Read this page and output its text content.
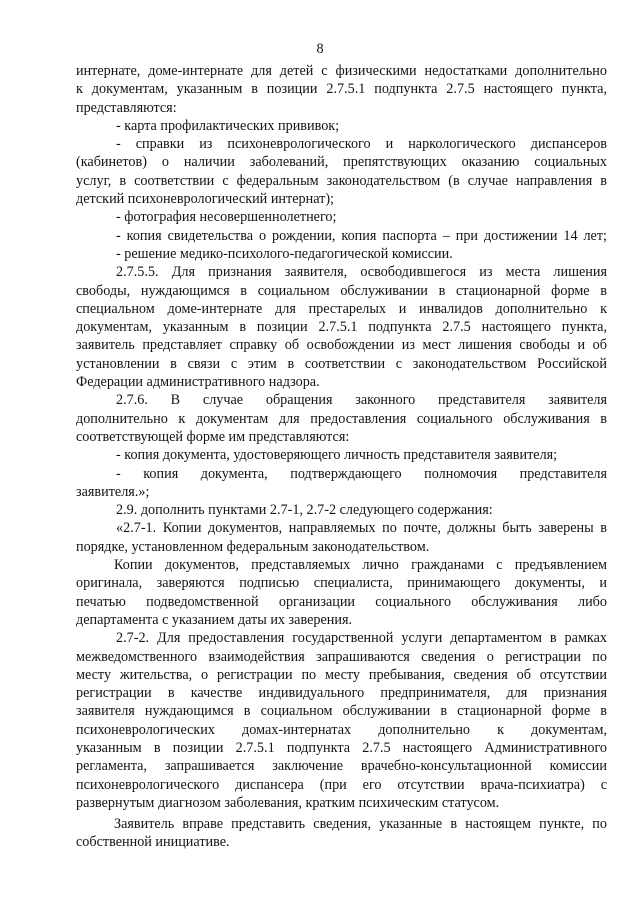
8
интернате, доме-интернате для детей с физическими недостатками дополнительно
к документам, указанным в позиции 2.7.5.1 подпункта 2.7.5 настоящего пункта,
представляются:
- карта профилактических прививок;
- справки из психоневрологического и наркологического диспансеров
(кабинетов) о наличии заболеваний, препятствующих оказанию социальных
услуг, в соответствии с федеральным законодательством (в случае направления в
детский психоневрологический интернат);
- фотография несовершеннолетнего;
- копия свидетельства о рождении, копия паспорта – при достижении 14 лет;
- решение медико-психолого-педагогической комиссии.
2.7.5.5. Для признания заявителя, освободившегося из места лишения
свободы, нуждающимся в социальном обслуживании в стационарной форме в
специальном доме-интернате для престарелых и инвалидов дополнительно к
документам, указанным в позиции 2.7.5.1 подпункта 2.7.5 настоящего пункта,
заявитель представляет справку об освобождении из мест лишения свободы и об
установлении в связи с этим в соответствии с законодательством Российской
Федерации административного надзора.
2.7.6. В случае обращения законного представителя заявителя
дополнительно к документам для предоставления социального обслуживания в
соответствующей форме им представляются:
- копия документа, удостоверяющего личность представителя заявителя;
- копия документа, подтверждающего полномочия представителя
заявителя.»;
2.9. дополнить пунктами 2.7-1, 2.7-2 следующего содержания:
«2.7-1. Копии документов, направляемых по почте, должны быть заверены в
порядке, установленном федеральным законодательством.
Копии документов, представляемых лично гражданами с предъявлением
оригинала, заверяются подписью специалиста, принимающего документы, и
печатью подведомственной организации социального обслуживания либо
департамента с указанием даты их заверения.
2.7-2. Для предоставления государственной услуги департаментом в рамках
межведомственного взаимодействия запрашиваются сведения о регистрации по
месту жительства, о регистрации по месту пребывания, сведения об отсутствии
регистрации в качестве индивидуального предпринимателя, для признания
заявителя нуждающимся в социальном обслуживании в стационарной форме в
психоневрологических домах-интернатах дополнительно к документам,
указанным в позиции 2.7.5.1 подпункта 2.7.5 настоящего Административного
регламента, запрашивается заключение врачебно-консультационной комиссии
психоневрологического диспансера (при его отсутствии врача-психиатра) с
развернутым диагнозом заболевания, кратким психическим статусом.
Заявитель вправе представить сведения, указанные в настоящем пункте, по
собственной инициативе.
